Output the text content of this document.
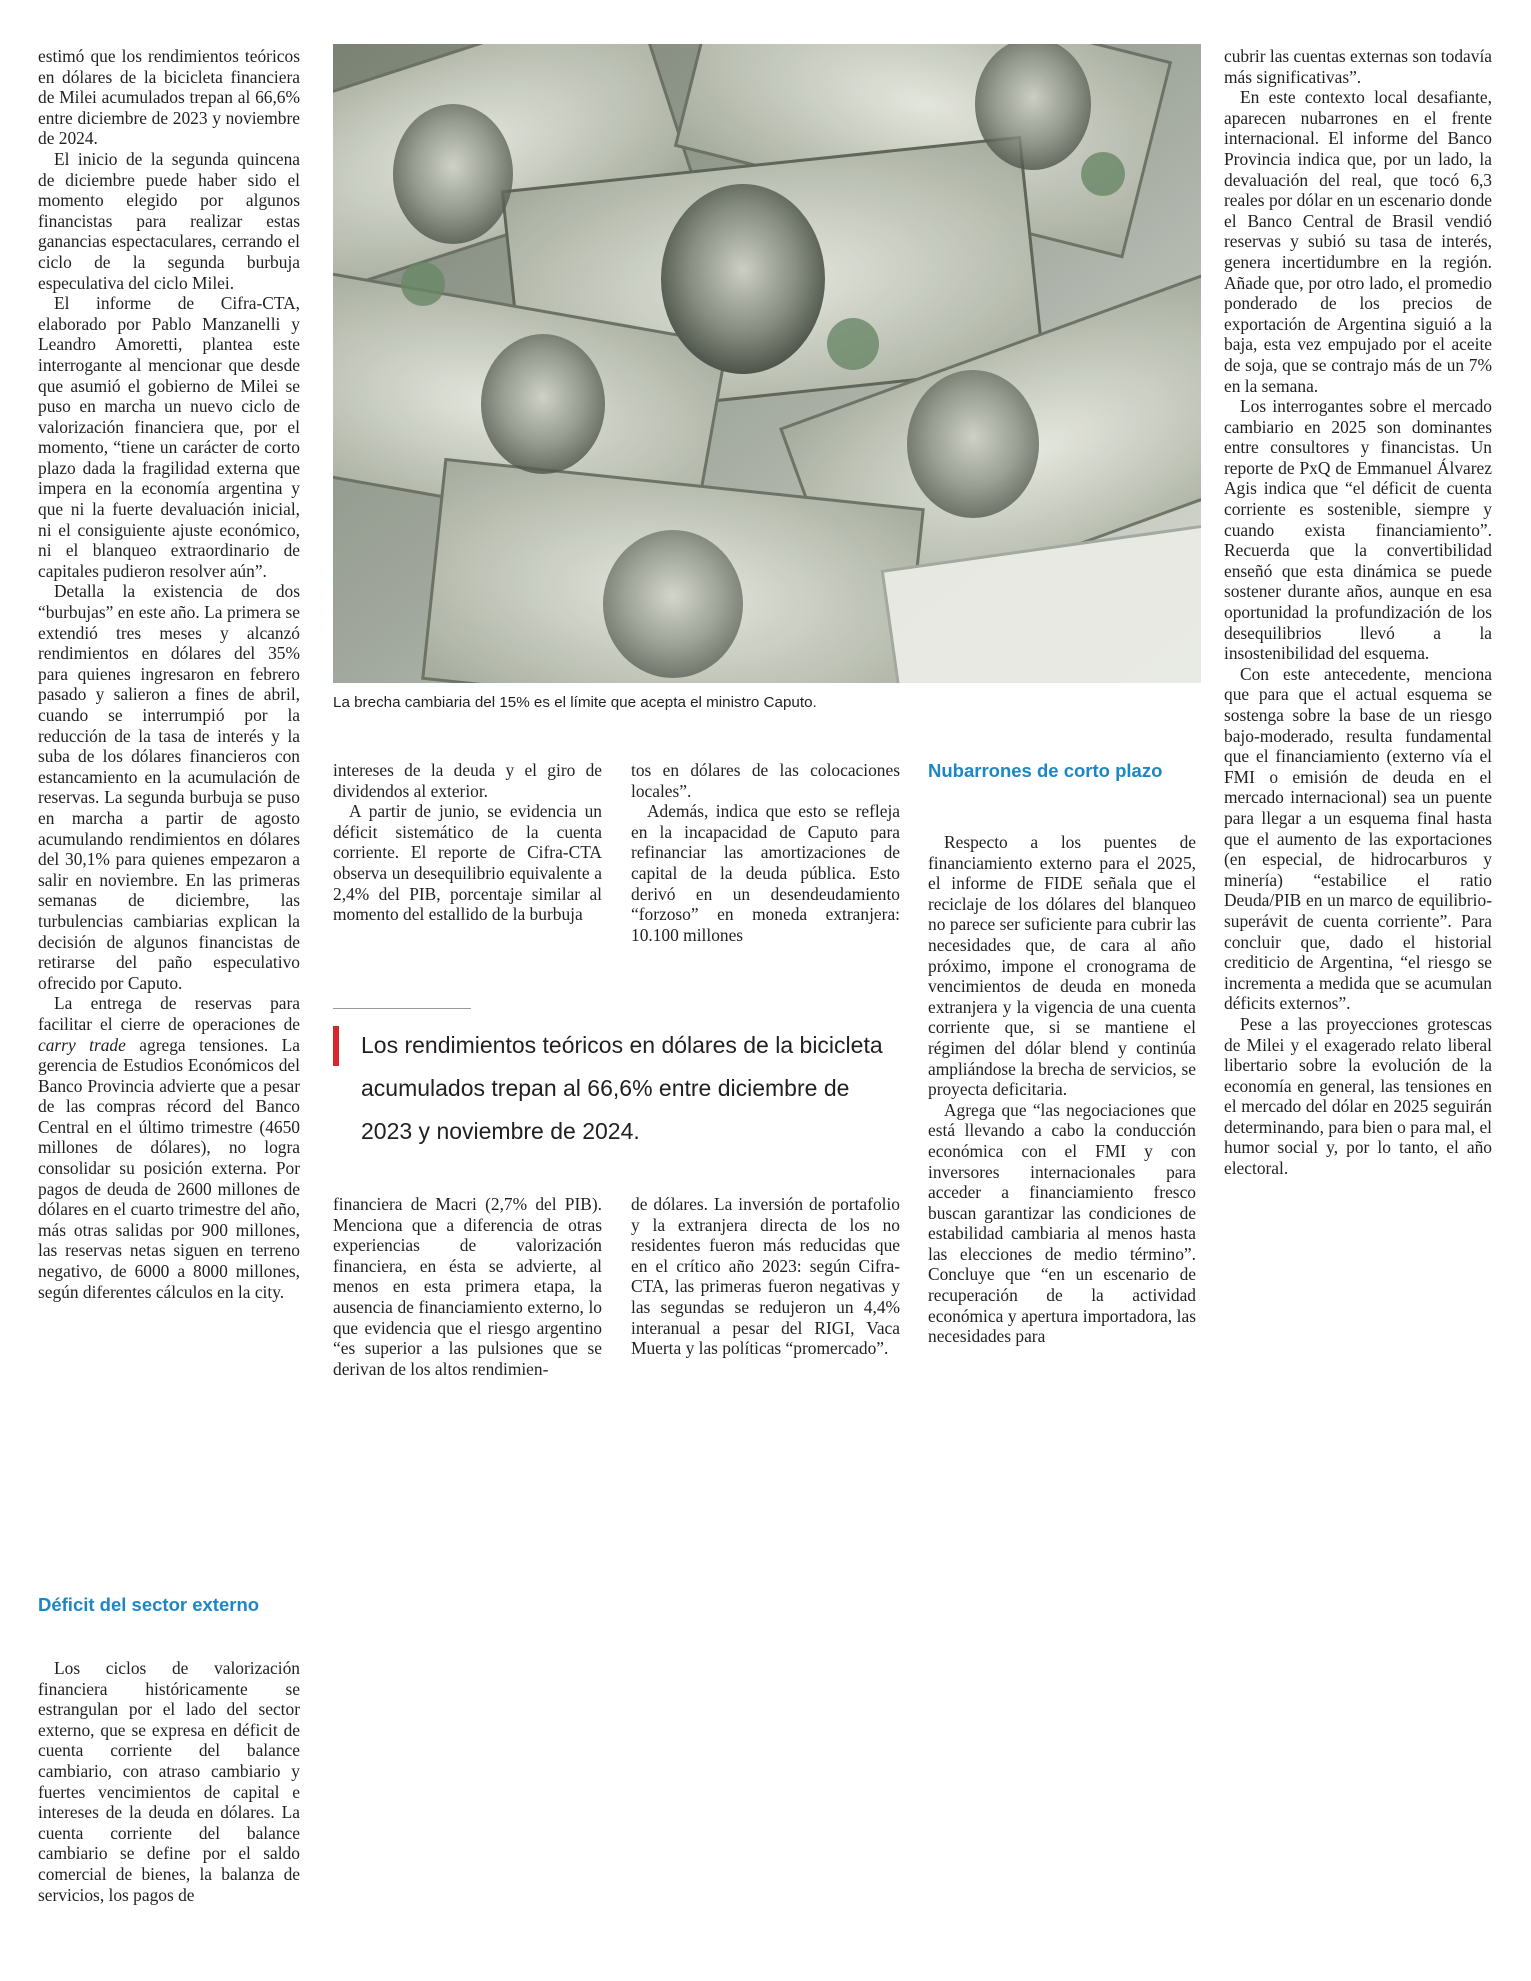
estimó que los rendimientos teóricos en dólares de la bicicleta financiera de Milei acumulados trepan al 66,6% entre diciembre de 2023 y noviembre de 2024.

El inicio de la segunda quincena de diciembre puede haber sido el momento elegido por algunos financistas para realizar estas ganancias espectaculares, cerrando el ciclo de la segunda burbuja especulativa del ciclo Milei.

El informe de Cifra-CTA, elaborado por Pablo Manzanelli y Leandro Amoretti, plantea este interrogante al mencionar que desde que asumió el gobierno de Milei se puso en marcha un nuevo ciclo de valorización financiera que, por el momento, “tiene un carácter de corto plazo dada la fragilidad externa que impera en la economía argentina y que ni la fuerte devaluación inicial, ni el consiguiente ajuste económico, ni el blanqueo extraordinario de capitales pudieron resolver aún”.

Detalla la existencia de dos “burbujas” en este año. La primera se extendió tres meses y alcanzó rendimientos en dólares del 35% para quienes ingresaron en febrero pasado y salieron a fines de abril, cuando se interrumpió por la reducción de la tasa de interés y la suba de los dólares financieros con estancamiento en la acumulación de reservas. La segunda burbuja se puso en marcha a partir de agosto acumulando rendimientos en dólares del 30,1% para quienes empezaron a salir en noviembre. En las primeras semanas de diciembre, las turbulencias cambiarias explican la decisión de algunos financistas de retirarse del paño especulativo ofrecido por Caputo.

La entrega de reservas para facilitar el cierre de operaciones de carry trade agrega tensiones. La gerencia de Estudios Económicos del Banco Provincia advierte que a pesar de las compras récord del Banco Central en el último trimestre (4650 millones de dólares), no logra consolidar su posición externa. Por pagos de deuda de 2600 millones de dólares en el cuarto trimestre del año, más otras salidas por 900 millones, las reservas netas siguen en terreno negativo, de 6000 a 8000 millones, según diferentes cálculos en la city.

Déficit del sector externo

Los ciclos de valorización financiera históricamente se estrangulan por el lado del sector externo, que se expresa en déficit de cuenta corriente del balance cambiario, con atraso cambiario y fuertes vencimientos de capital e intereses de la deuda en dólares. La cuenta corriente del balance cambiario se define por el saldo comercial de bienes, la balanza de servicios, los pagos de

La brecha cambiaria del 15% es el límite que acepta el ministro Caputo.

intereses de la deuda y el giro de dividendos al exterior.

A partir de junio, se evidencia un déficit sistemático de la cuenta corriente. El reporte de Cifra-CTA observa un desequilibrio equivalente a 2,4% del PIB, porcentaje similar al momento del estallido de la burbuja

tos en dólares de las colocaciones locales”.

Además, indica que esto se refleja en la incapacidad de Caputo para refinanciar las amortizaciones de capital de la deuda pública. Esto derivó en un desendeudamiento “forzoso” en moneda extranjera: 10.100 millones

Los rendimientos teóricos en dólares de la bicicleta acumulados trepan al 66,6% entre diciembre de 2023 y noviembre de 2024.

financiera de Macri (2,7% del PIB). Menciona que a diferencia de otras experiencias de valorización financiera, en ésta se advierte, al menos en esta primera etapa, la ausencia de financiamiento externo, lo que evidencia que el riesgo argentino “es superior a las pulsiones que se derivan de los altos rendimien-

de dólares. La inversión de portafolio y la extranjera directa de los no residentes fueron más reducidas que en el crítico año 2023: según Cifra-CTA, las primeras fueron negativas y las segundas se redujeron un 4,4% interanual a pesar del RIGI, Vaca Muerta y las políticas “promercado”.

Nubarrones de corto plazo

Respecto a los puentes de financiamiento externo para el 2025, el informe de FIDE señala que el reciclaje de los dólares del blanqueo no parece ser suficiente para cubrir las necesidades que, de cara al año próximo, impone el cronograma de vencimientos de deuda en moneda extranjera y la vigencia de una cuenta corriente que, si se mantiene el régimen del dólar blend y continúa ampliándose la brecha de servicios, se proyecta deficitaria.

Agrega que “las negociaciones que está llevando a cabo la conducción económica con el FMI y con inversores internacionales para acceder a financiamiento fresco buscan garantizar las condiciones de estabilidad cambiaria al menos hasta las elecciones de medio término”. Concluye que “en un escenario de recuperación de la actividad económica y apertura importadora, las necesidades para

cubrir las cuentas externas son todavía más significativas”.

En este contexto local desafiante, aparecen nubarrones en el frente internacional. El informe del Banco Provincia indica que, por un lado, la devaluación del real, que tocó 6,3 reales por dólar en un escenario donde el Banco Central de Brasil vendió reservas y subió su tasa de interés, genera incertidumbre en la región. Añade que, por otro lado, el promedio ponderado de los precios de exportación de Argentina siguió a la baja, esta vez empujado por el aceite de soja, que se contrajo más de un 7% en la semana.

Los interrogantes sobre el mercado cambiario en 2025 son dominantes entre consultores y financistas. Un reporte de PxQ de Emmanuel Álvarez Agis indica que “el déficit de cuenta corriente es sostenible, siempre y cuando exista financiamiento”. Recuerda que la convertibilidad enseñó que esta dinámica se puede sostener durante años, aunque en esa oportunidad la profundización de los desequilibrios llevó a la insostenibilidad del esquema.

Con este antecedente, menciona que para que el actual esquema se sostenga sobre la base de un riesgo bajo-moderado, resulta fundamental que el financiamiento (externo vía el FMI o emisión de deuda en el mercado internacional) sea un puente para llegar a un esquema final hasta que el aumento de las exportaciones (en especial, de hidrocarburos y minería) “estabilice el ratio Deuda/PIB en un marco de equilibrio-superávit de cuenta corriente”. Para concluir que, dado el historial crediticio de Argentina, “el riesgo se incrementa a medida que se acumulan déficits externos”.

Pese a las proyecciones grotescas de Milei y el exagerado relato liberal libertario sobre la evolución de la economía en general, las tensiones en el mercado del dólar en 2025 seguirán determinando, para bien o para mal, el humor social y, por lo tanto, el año electoral.
